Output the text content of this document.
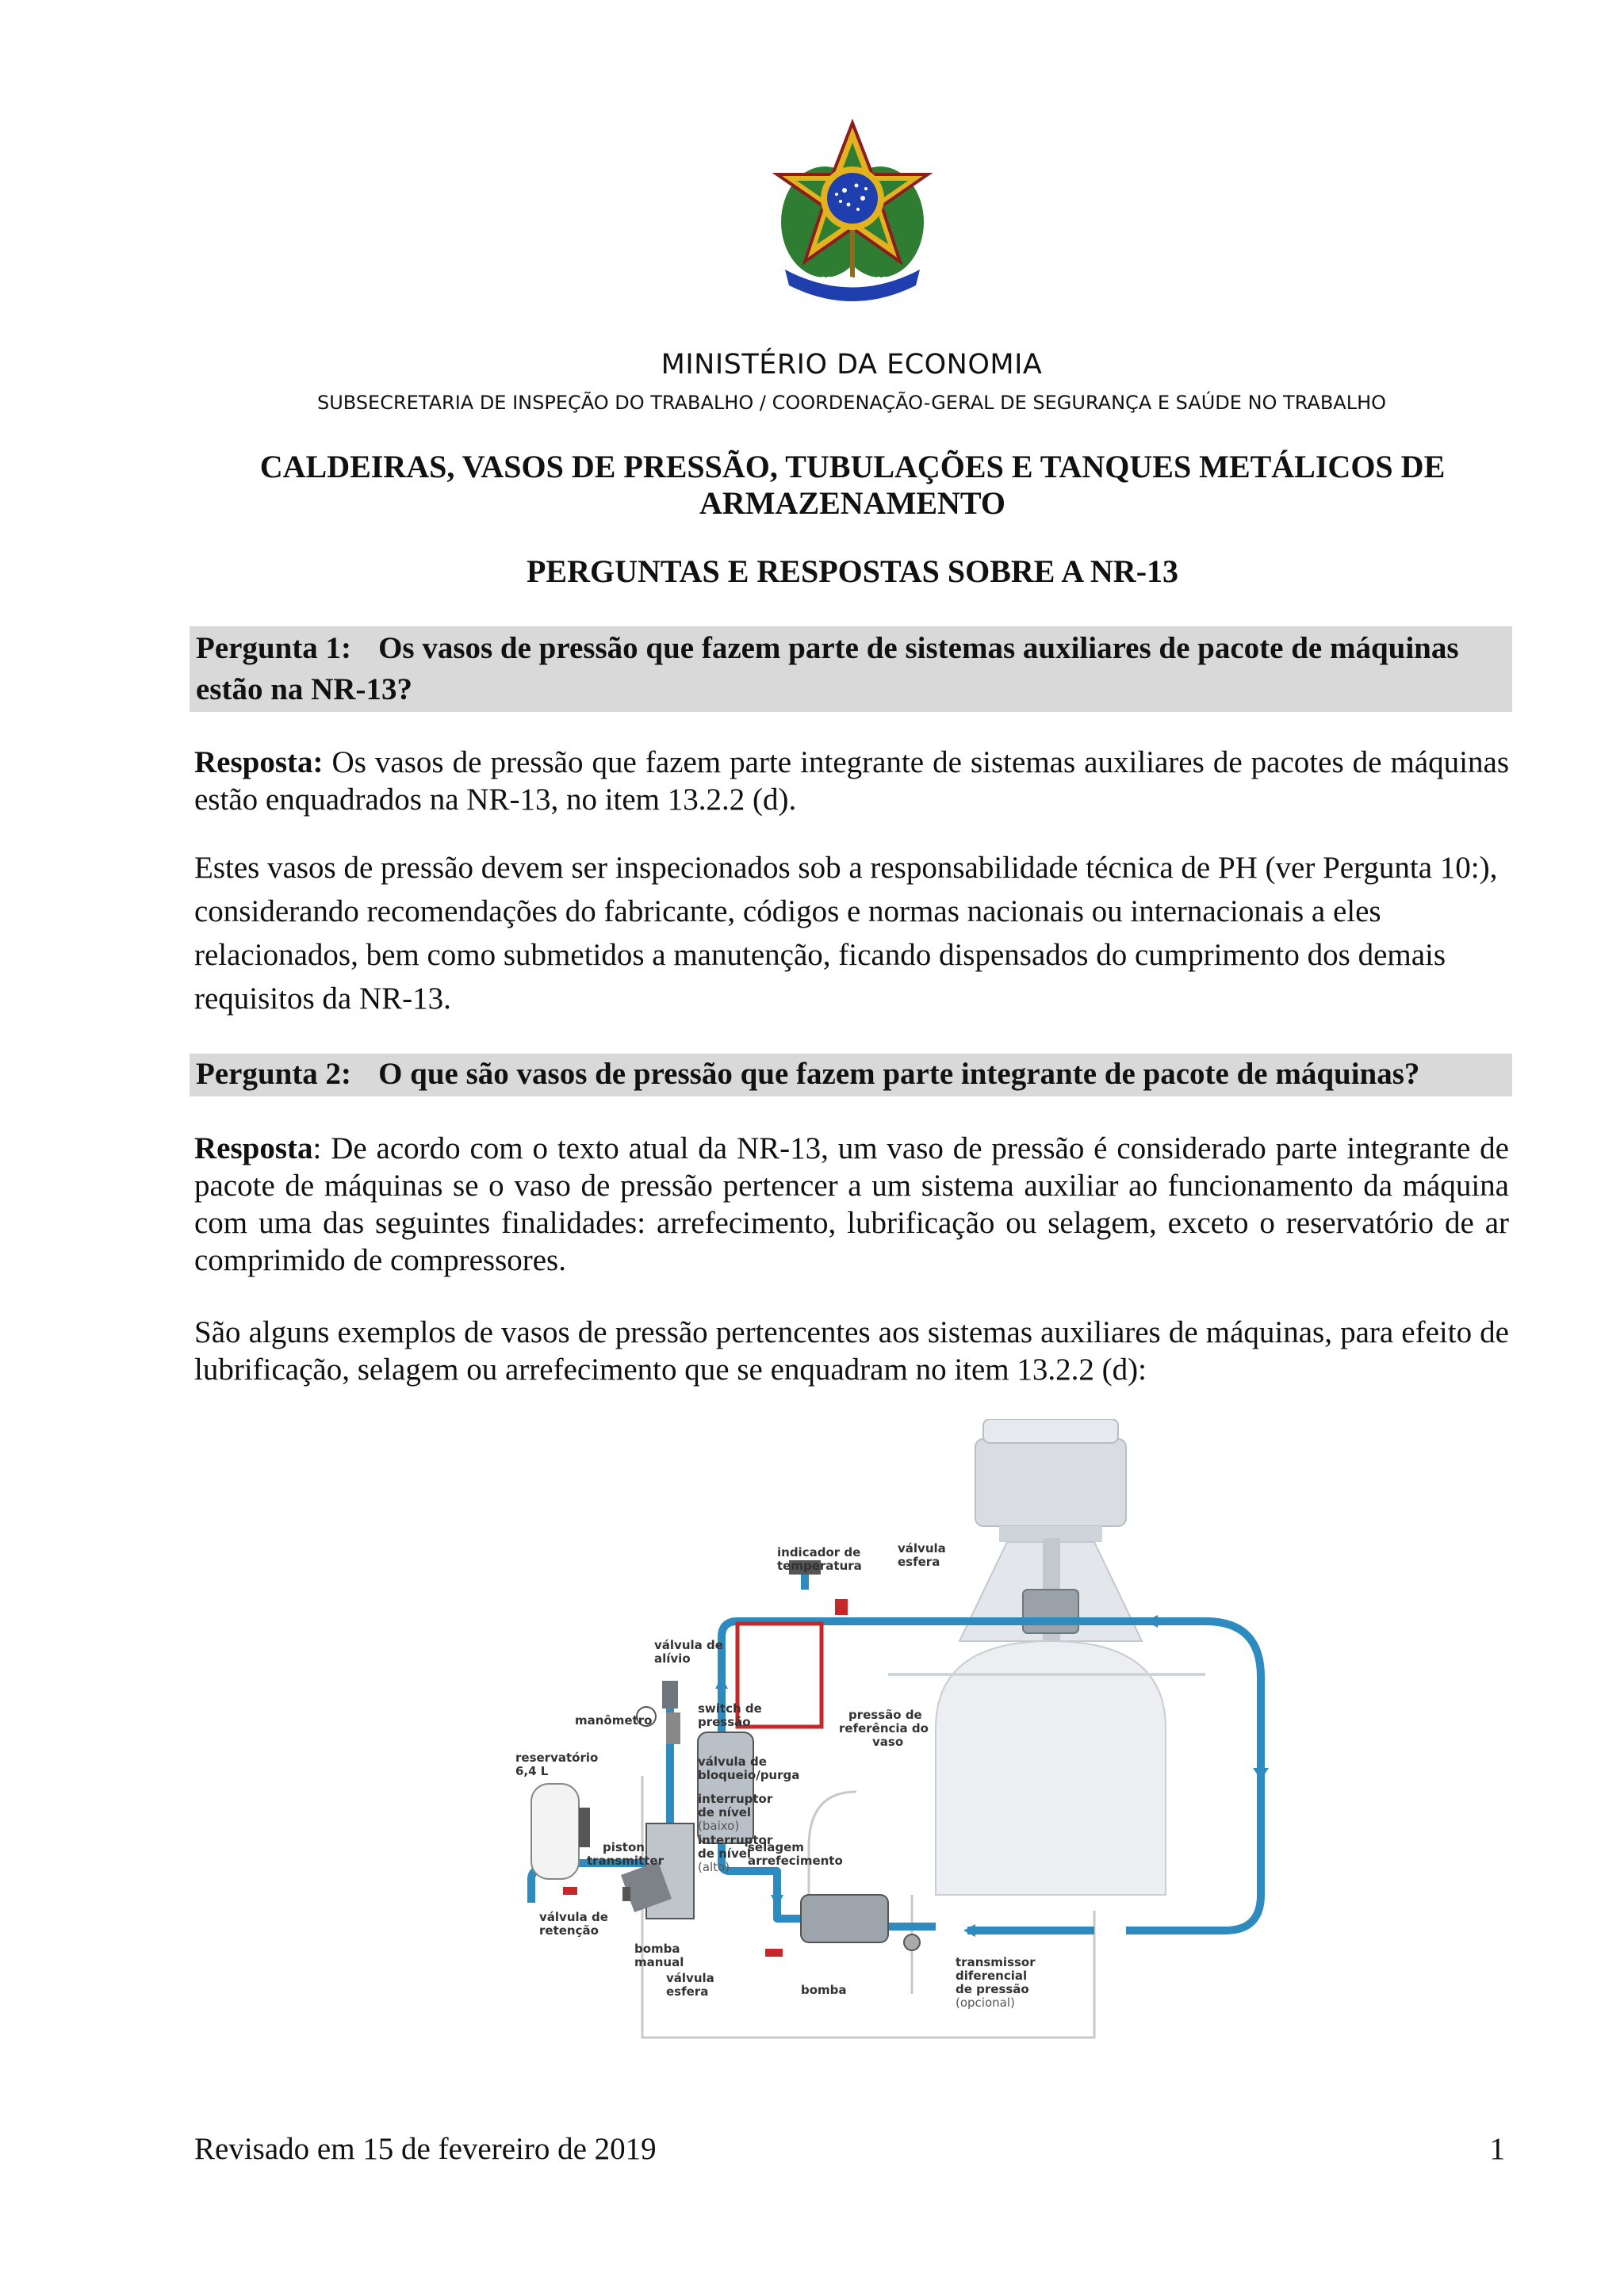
MINISTÉRIO DA ECONOMIA
SUBSECRETARIA DE INSPEÇÃO DO TRABALHO / COORDENAÇÃO-GERAL DE SEGURANÇA E SAÚDE NO TRABALHO
CALDEIRAS, VASOS DE PRESSÃO, TUBULAÇÕES E TANQUES METÁLICOS DE ARMAZENAMENTO
PERGUNTAS E RESPOSTAS SOBRE A NR-13
Pergunta 1: Os vasos de pressão que fazem parte de sistemas auxiliares de pacote de máquinas estão na NR-13?
Resposta: Os vasos de pressão que fazem parte integrante de sistemas auxiliares de pacotes de máquinas estão enquadrados na NR-13, no item 13.2.2 (d).
Estes vasos de pressão devem ser inspecionados sob a responsabilidade técnica de PH (ver Pergunta 10:), considerando recomendações do fabricante, códigos e normas nacionais ou internacionais a eles relacionados, bem como submetidos a manutenção, ficando dispensados do cumprimento dos demais requisitos da NR-13.
Pergunta 2: O que são vasos de pressão que fazem parte integrante de pacote de máquinas?
Resposta: De acordo com o texto atual da NR-13, um vaso de pressão é considerado parte integrante de pacote de máquinas se o vaso de pressão pertencer a um sistema auxiliar ao funcionamento da máquina com uma das seguintes finalidades: arrefecimento, lubrificação ou selagem, exceto o reservatório de ar comprimido de compressores.
São alguns exemplos de vasos de pressão pertencentes aos sistemas auxiliares de máquinas, para efeito de lubrificação, selagem ou arrefecimento que se enquadram no item 13.2.2 (d):
indicador de
temperatura
válvula
esfera
válvula de
alívio
manômetro
switch de
pressão	pressão de
referência do
vaso
reservatório
6,4 L
válvula de
bloqueio/purga
interruptor
de nível
(baixo)
interruptor
de nível
(alto)
piston
transmitter
selagem
arrefecimento
válvula de
retenção
bomba
manual
válvula
esfera	bomba
transmissor
diferencial
de pressão
(opcional)
Revisado em 15 de fevereiro de 2019	1
